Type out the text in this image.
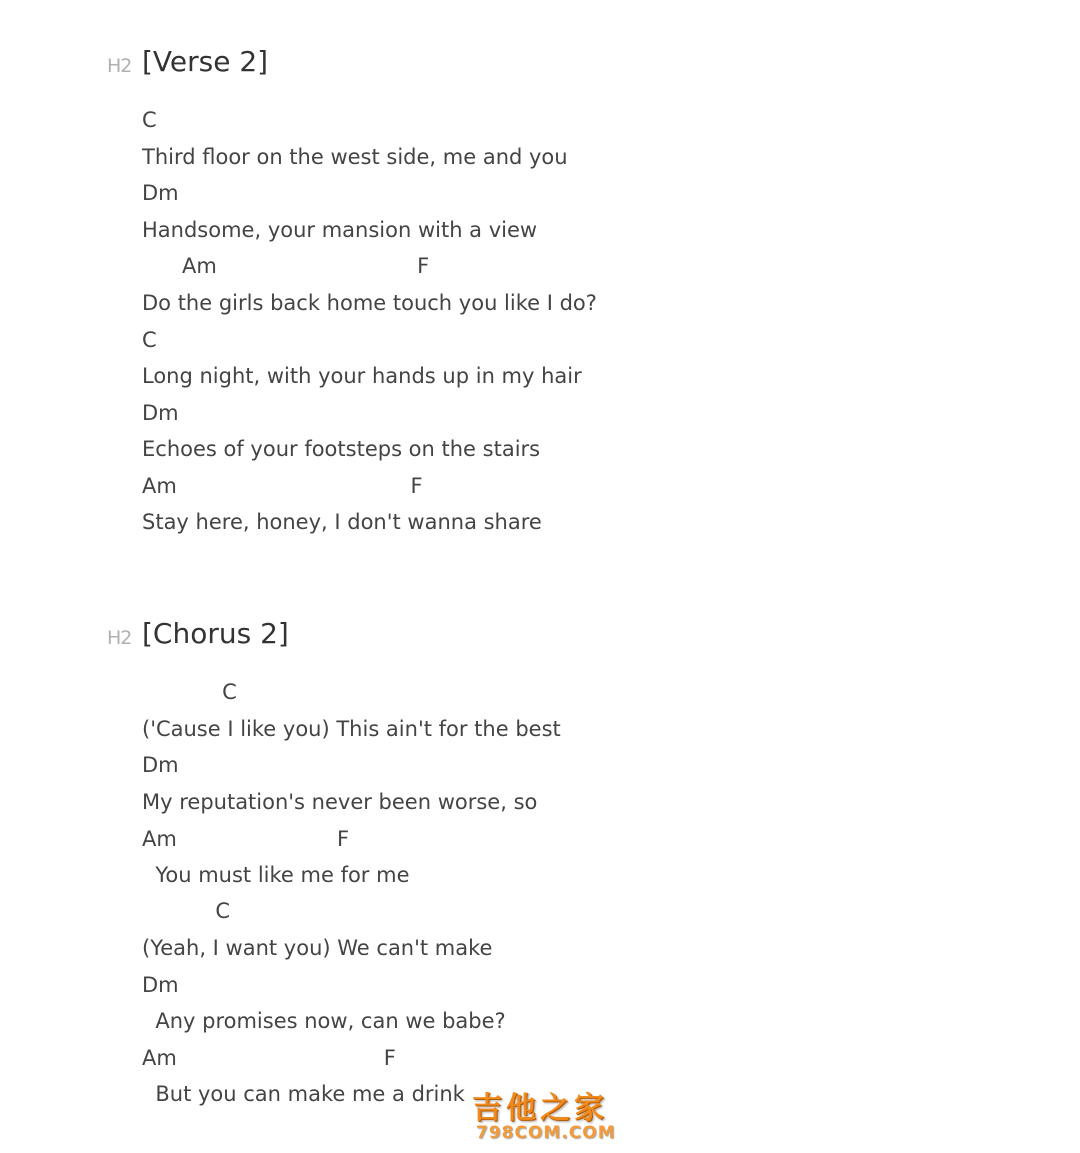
H2 [Verse 2]
C
Third floor on the west side, me and you
Dm
Handsome, your mansion with a view
Am                              F
Do the girls back home touch you like I do?
C
Long night, with your hands up in my hair
Dm
Echoes of your footsteps on the stairs
Am                                   F
Stay here, honey, I don't wanna share
H2 [Chorus 2]
C
('Cause I like you) This ain't for the best
Dm
My reputation's never been worse, so
Am                        F
You must like me for me
C
(Yeah, I want you) We can't make
Dm
Any promises now, can we babe?
Am                               F
But you can make me a drink 吉他之家
798COM.COM
